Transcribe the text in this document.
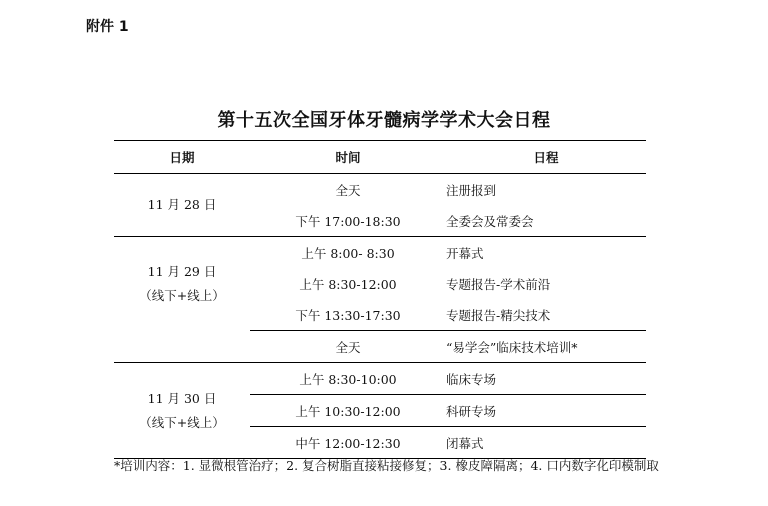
附件 1
第十五次全国牙体牙髓病学学术大会日程
日期	时间	日程

11 月 28 日	全天	注册报到
	下午 17:00-18:30	全委会及常委会

11 月 29 日
（线下+线上）	上午 8:00- 8:30	开幕式
	上午 8:30-12:00	专题报告-学术前沿
	下午 13:30-17:30	专题报告-精尖技术
	全天	“易学会”临床技术培训*

11 月 30 日
（线下+线上）	上午 8:30-10:00	临床专场
	上午 10:30-12:00	科研专场
	中午 12:00-12:30	闭幕式
*培训内容：1. 显微根管治疗；2. 复合树脂直接粘接修复；3. 橡皮障隔离；4. 口内数字化印模制取
